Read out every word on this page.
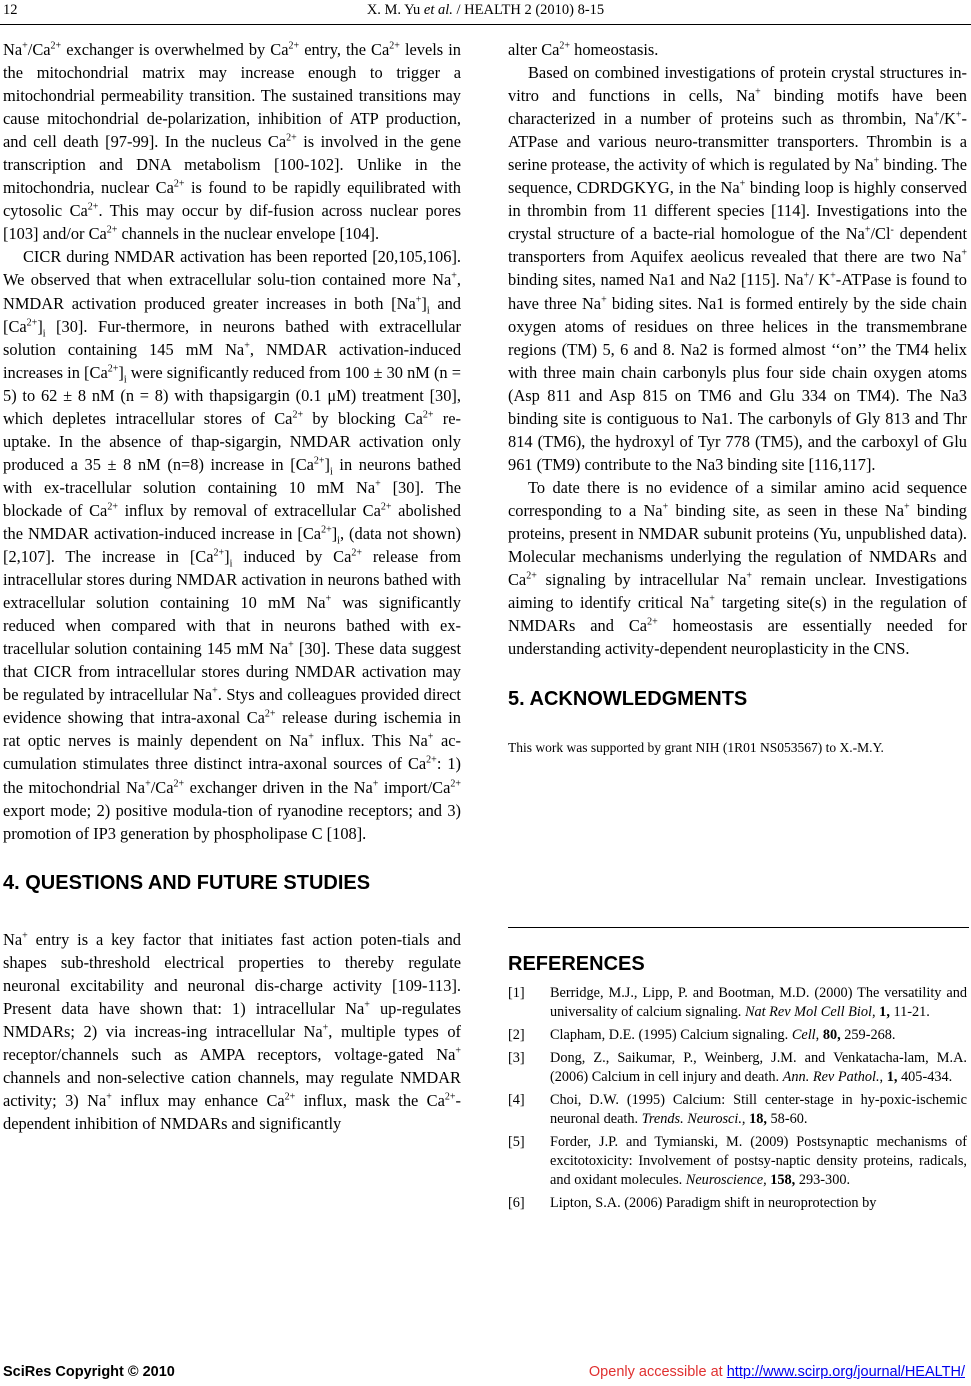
12	X. M. Yu et al. / HEALTH 2 (2010) 8-15

$Na^+/Ca^{2+}$ exchanger is overwhelmed by $Ca^{2+}$ entry, the $Ca^{2+}$ levels in the mitochondrial matrix may increase enough to trigger a mitochondrial permeability transition. The sustained transitions may cause mitochondrial de-polarization, inhibition of ATP production, and cell death [97-99]. In the nucleus $Ca^{2+}$ is involved in the gene transcription and DNA metabolism [100-102]. Unlike in the mitochondria, nuclear $Ca^{2+}$ is found to be rapidly equilibrated with cytosolic $Ca^{2+}$. This may occur by dif-fusion across nuclear pores [103] and/or $Ca^{2+}$ channels in the nuclear envelope [104].

CICR during NMDAR activation has been reported [20,105,106]. We observed that when extracellular solu-tion contained more Na+, NMDAR activation produced greater increases in both $[Na^+]_i$ and $[Ca^{2+}]_i$ [30]. Fur-thermore, in neurons bathed with extracellular solution containing 145 mM Na+, NMDAR activation-induced increases in $[Ca^{2+}]_i$ were significantly reduced from 100 ± 30 nM (n = 5) to 62 ± 8 nM (n = 8) with thapsigargin (0.1 μM) treatment [30], which depletes intracellular stores of $Ca^{2+}$ by blocking $Ca^{2+}$ re-uptake. In the absence of thap-sigargin, NMDAR activation only produced a 35 ± 8 nM (n=8) increase in $[Ca^{2+}]_i$ in neurons bathed with ex-tracellular solution containing 10 mM Na+ [30]. The blockade of $Ca^{2+}$ influx by removal of extracellular $Ca^{2+}$ abolished the NMDAR activation-induced increase in $[Ca^{2+}]_i$, (data not shown) [2,107]. The increase in $[Ca^{2+}]_i$ induced by $Ca^{2+}$ release from intracellular stores during NMDAR activation in neurons bathed with extracellular solution containing 10 mM Na+ was significantly reduced when compared with that in neurons bathed with ex-tracellular solution containing 145 mM Na+ [30]. These data suggest that CICR from intracellular stores during NMDAR activation may be regulated by intracellular Na+. Stys and colleagues provided direct evidence showing that intra-axonal $Ca^{2+}$ release during ischemia in rat optic nerves is mainly dependent on Na+ influx. This Na+ ac-cumulation stimulates three distinct intra-axonal sources of $Ca^{2+}$: 1) the mitochondrial $Na^+/Ca^{2+}$ exchanger driven in the Na+ import/$Ca^{2+}$ export mode; 2) positive modula-tion of ryanodine receptors; and 3) promotion of IP3 generation by phospholipase C [108].

4. QUESTIONS AND FUTURE STUDIES

Na+ entry is a key factor that initiates fast action poten-tials and shapes sub-threshold electrical properties to thereby regulate neuronal excitability and neuronal dis-charge activity [109-113]. Present data have shown that: 1) intracellular Na+ up-regulates NMDARs; 2) via increas-ing intracellular Na+, multiple types of receptor/channels such as AMPA receptors, voltage-gated Na+ channels and non-selective cation channels, may regulate NMDAR activity; 3) Na+ influx may enhance $Ca^{2+}$ influx, mask the $Ca^{2+}$-dependent inhibition of NMDARs and significantly

alter $Ca^{2+}$ homeostasis.

Based on combined investigations of protein crystal structures in-vitro and functions in cells, Na+ binding motifs have been characterized in a number of proteins such as thrombin, Na+/K+-ATPase and various neuro-transmitter transporters. Thrombin is a serine protease, the activity of which is regulated by Na+ binding. The sequence, CDRDGKYG, in the Na+ binding loop is highly conserved in thrombin from 11 different species [114]. Investigations into the crystal structure of a bacte-rial homologue of the Na+/Cl- dependent transporters from Aquifex aeolicus revealed that there are two Na+ binding sites, named Na1 and Na2 [115]. Na+/ K+-ATPase is found to have three Na+ biding sites. Na1 is formed entirely by the side chain oxygen atoms of residues on three helices in the transmembrane regions (TM) 5, 6 and 8. Na2 is formed almost ‘‘on’’ the TM4 helix with three main chain carbonyls plus four side chain oxygen atoms (Asp 811 and Asp 815 on TM6 and Glu 334 on TM4). The Na3 binding site is contiguous to Na1. The carbonyls of Gly 813 and Thr 814 (TM6), the hydroxyl of Tyr 778 (TM5), and the carboxyl of Glu 961 (TM9) contribute to the Na3 binding site [116,117].

To date there is no evidence of a similar amino acid sequence corresponding to a Na+ binding site, as seen in these Na+ binding proteins, present in NMDAR subunit proteins (Yu, unpublished data). Molecular mechanisms underlying the regulation of NMDARs and $Ca^{2+}$ signaling by intracellular Na+ remain unclear. Investigations aiming to identify critical Na+ targeting site(s) in the regulation of NMDARs and $Ca^{2+}$ homeostasis are essentially needed for understanding activity-dependent neuroplasticity in the CNS.

5. ACKNOWLEDGMENTS

This work was supported by grant NIH (1R01 NS053567) to X.-M.Y.

REFERENCES
[1] Berridge, M.J., Lipp, P. and Bootman, M.D. (2000) The versatility and universality of calcium signaling. Nat Rev Mol Cell Biol, 1, 11-21.
[2] Clapham, D.E. (1995) Calcium signaling. Cell, 80, 259-268.
[3] Dong, Z., Saikumar, P., Weinberg, J.M. and Venkatacha-lam, M.A. (2006) Calcium in cell injury and death. Ann. Rev Pathol., 1, 405-434.
[4] Choi, D.W. (1995) Calcium: Still center-stage in hy-poxic-ischemic neuronal death. Trends. Neurosci., 18, 58-60.
[5] Forder, J.P. and Tymianski, M. (2009) Postsynaptic mechanisms of excitotoxicity: Involvement of postsy-naptic density proteins, radicals, and oxidant molecules. Neuroscience, 158, 293-300.
[6] Lipton, S.A. (2006) Paradigm shift in neuroprotection by
SciRes Copyright © 2010	Openly accessible at http://www.scirp.org/journal/HEALTH/
